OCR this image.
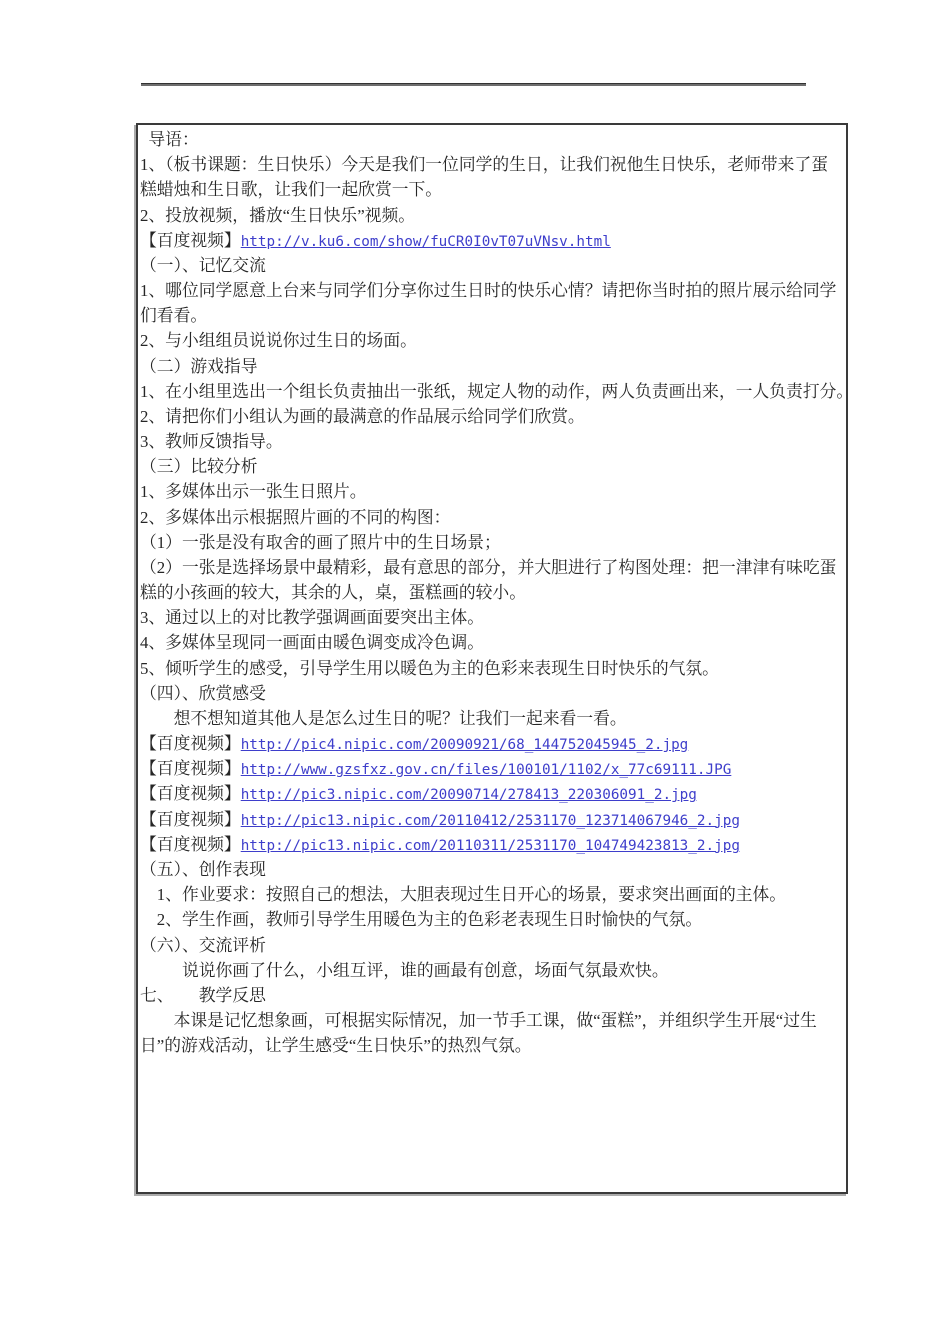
导语：
1、（板书课题：生日快乐）今天是我们一位同学的生日，让我们祝他生日快乐，老师带来了蛋
糕蜡烛和生日歌，让我们一起欣赏一下。
2、投放视频，播放“生日快乐”视频。
【百度视频】http://v.ku6.com/show/fuCR0I0vT07uVNsv.html
（一）、记忆交流
1、哪位同学愿意上台来与同学们分享你过生日时的快乐心情？请把你当时拍的照片展示给同学
们看看。
2、与小组组员说说你过生日的场面。
（二）游戏指导
1、在小组里选出一个组长负责抽出一张纸，规定人物的动作，两人负责画出来，一人负责打分。
2、请把你们小组认为画的最满意的作品展示给同学们欣赏。
3、教师反馈指导。
（三）比较分析
1、多媒体出示一张生日照片。
2、多媒体出示根据照片画的不同的构图：
（1）一张是没有取舍的画了照片中的生日场景；
（2）一张是选择场景中最精彩，最有意思的部分，并大胆进行了构图处理：把一津津有味吃蛋
糕的小孩画的较大，其余的人，桌，蛋糕画的较小。
3、通过以上的对比教学强调画面要突出主体。
4、多媒体呈现同一画面由暖色调变成冷色调。
5、倾听学生的感受，引导学生用以暖色为主的色彩来表现生日时快乐的气氛。
（四）、欣赏感受
　　想不想知道其他人是怎么过生日的呢？让我们一起来看一看。
【百度视频】http://pic4.nipic.com/20090921/68_144752045945_2.jpg
【百度视频】http://www.gzsfxz.gov.cn/files/100101/1102/x_77c69111.JPG
【百度视频】http://pic3.nipic.com/20090714/278413_220306091_2.jpg
【百度视频】http://pic13.nipic.com/20110412/2531170_123714067946_2.jpg
【百度视频】http://pic13.nipic.com/20110311/2531170_104749423813_2.jpg
（五）、创作表现
　1、作业要求：按照自己的想法，大胆表现过生日开心的场景，要求突出画面的主体。
　2、学生作画，教师引导学生用暖色为主的色彩老表现生日时愉快的气氛。
（六）、交流评析
　　  说说你画了什么，小组互评，谁的画最有创意，场面气氛最欢快。
七、　　教学反思
　　本课是记忆想象画，可根据实际情况，加一节手工课，做“蛋糕”，并组织学生开展“过生
日”的游戏活动，让学生感受“生日快乐”的热烈气氛。
